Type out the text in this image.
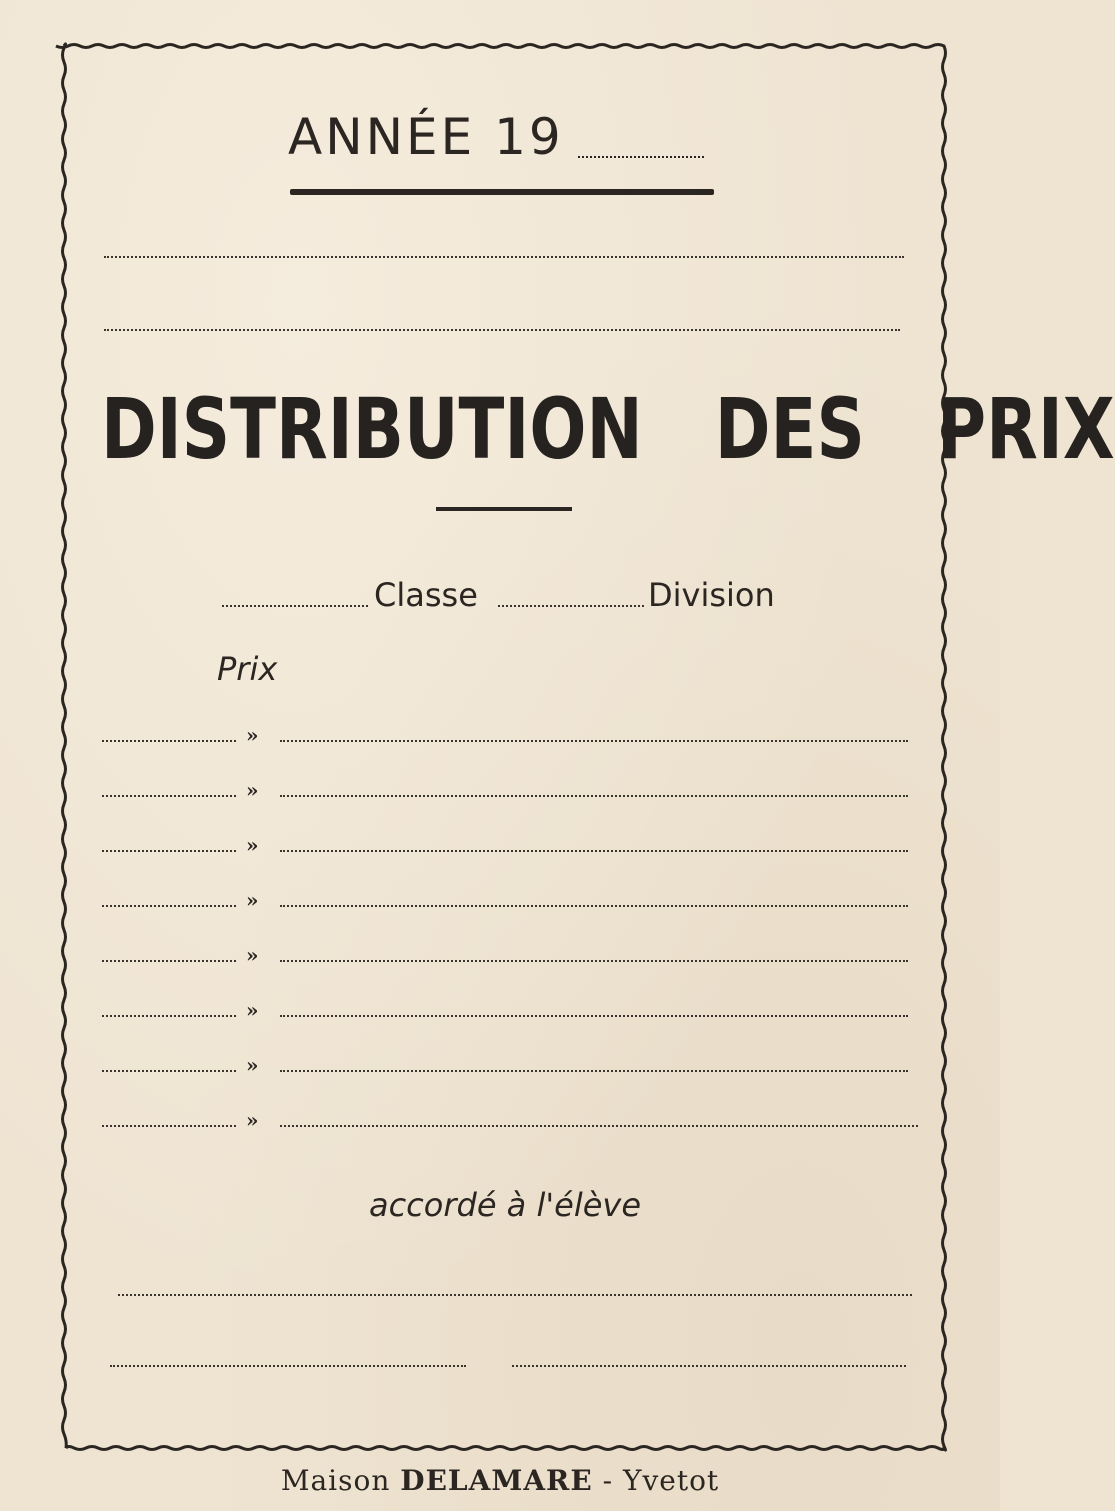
ANNÉE 19
DISTRIBUTION DES PRIX
Classe	Division
Prix
»
»
»
»
»
»
»
»
accordé à l'élève
Maison DELAMARE - Yvetot
